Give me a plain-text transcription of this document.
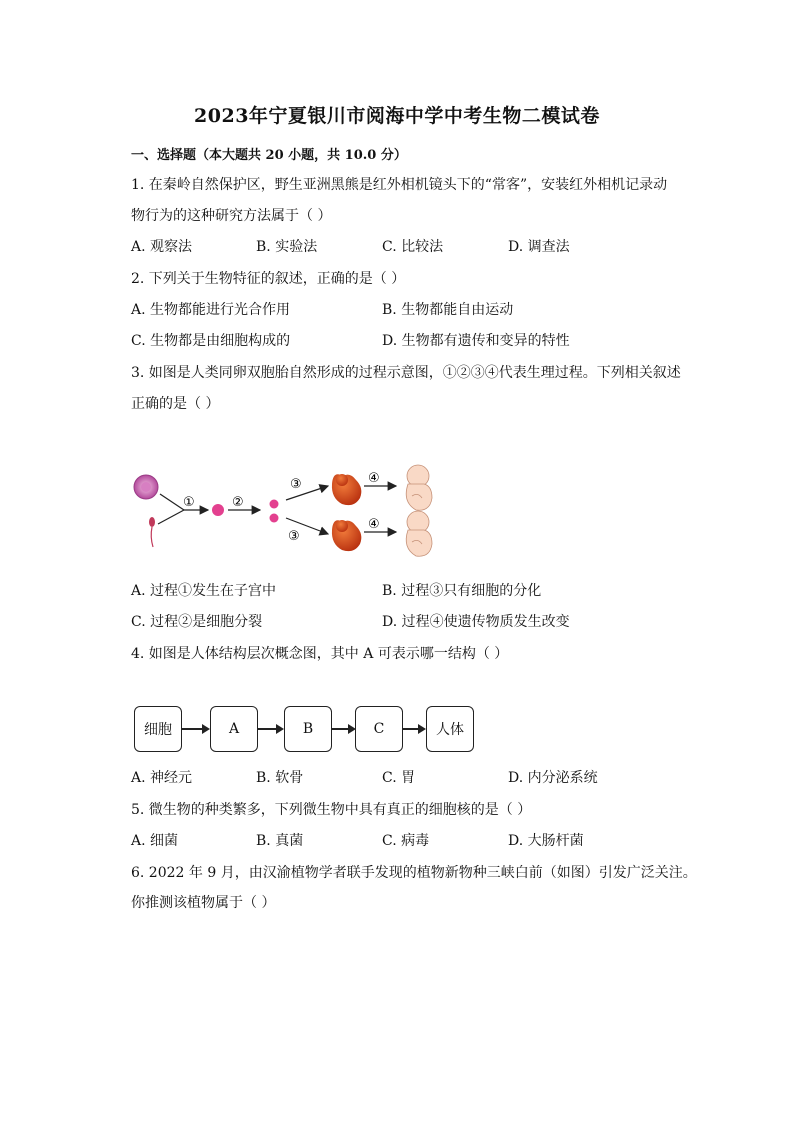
2023年宁夏银川市阅海中学中考生物二模试卷
一、选择题（本大题共 20 小题，共 10.0 分）
1. 在秦岭自然保护区，野生亚洲黑熊是红外相机镜头下的“常客”，安装红外相机记录动
物行为的这种研究方法属于（ ）
A. 观察法	B. 实验法	C. 比较法	D. 调查法
2. 下列关于生物特征的叙述，正确的是（ ）
A. 生物都能进行光合作用	B. 生物都能自由运动
C. 生物都是由细胞构成的	D. 生物都有遗传和变异的特性
3. 如图是人类同卵双胞胎自然形成的过程示意图，①②③④代表生理过程。下列相关叙述
正确的是（ ）
①	②
③
③
④
④
A. 过程①发生在子宫中	B. 过程③只有细胞的分化
C. 过程②是细胞分裂	D. 过程④使遗传物质发生改变
4. 如图是人体结构层次概念图，其中 A 可表示哪一结构（ ）
细胞	A	B	C	人体
A. 神经元	B. 软骨	C. 胃	D. 内分泌系统
5. 微生物的种类繁多，下列微生物中具有真正的细胞核的是（ ）
A. 细菌	B. 真菌	C. 病毒	D. 大肠杆菌
6. 2022 年 9 月，由汉渝植物学者联手发现的植物新物种三峡白前（如图）引发广泛关注。
你推测该植物属于（ ）
